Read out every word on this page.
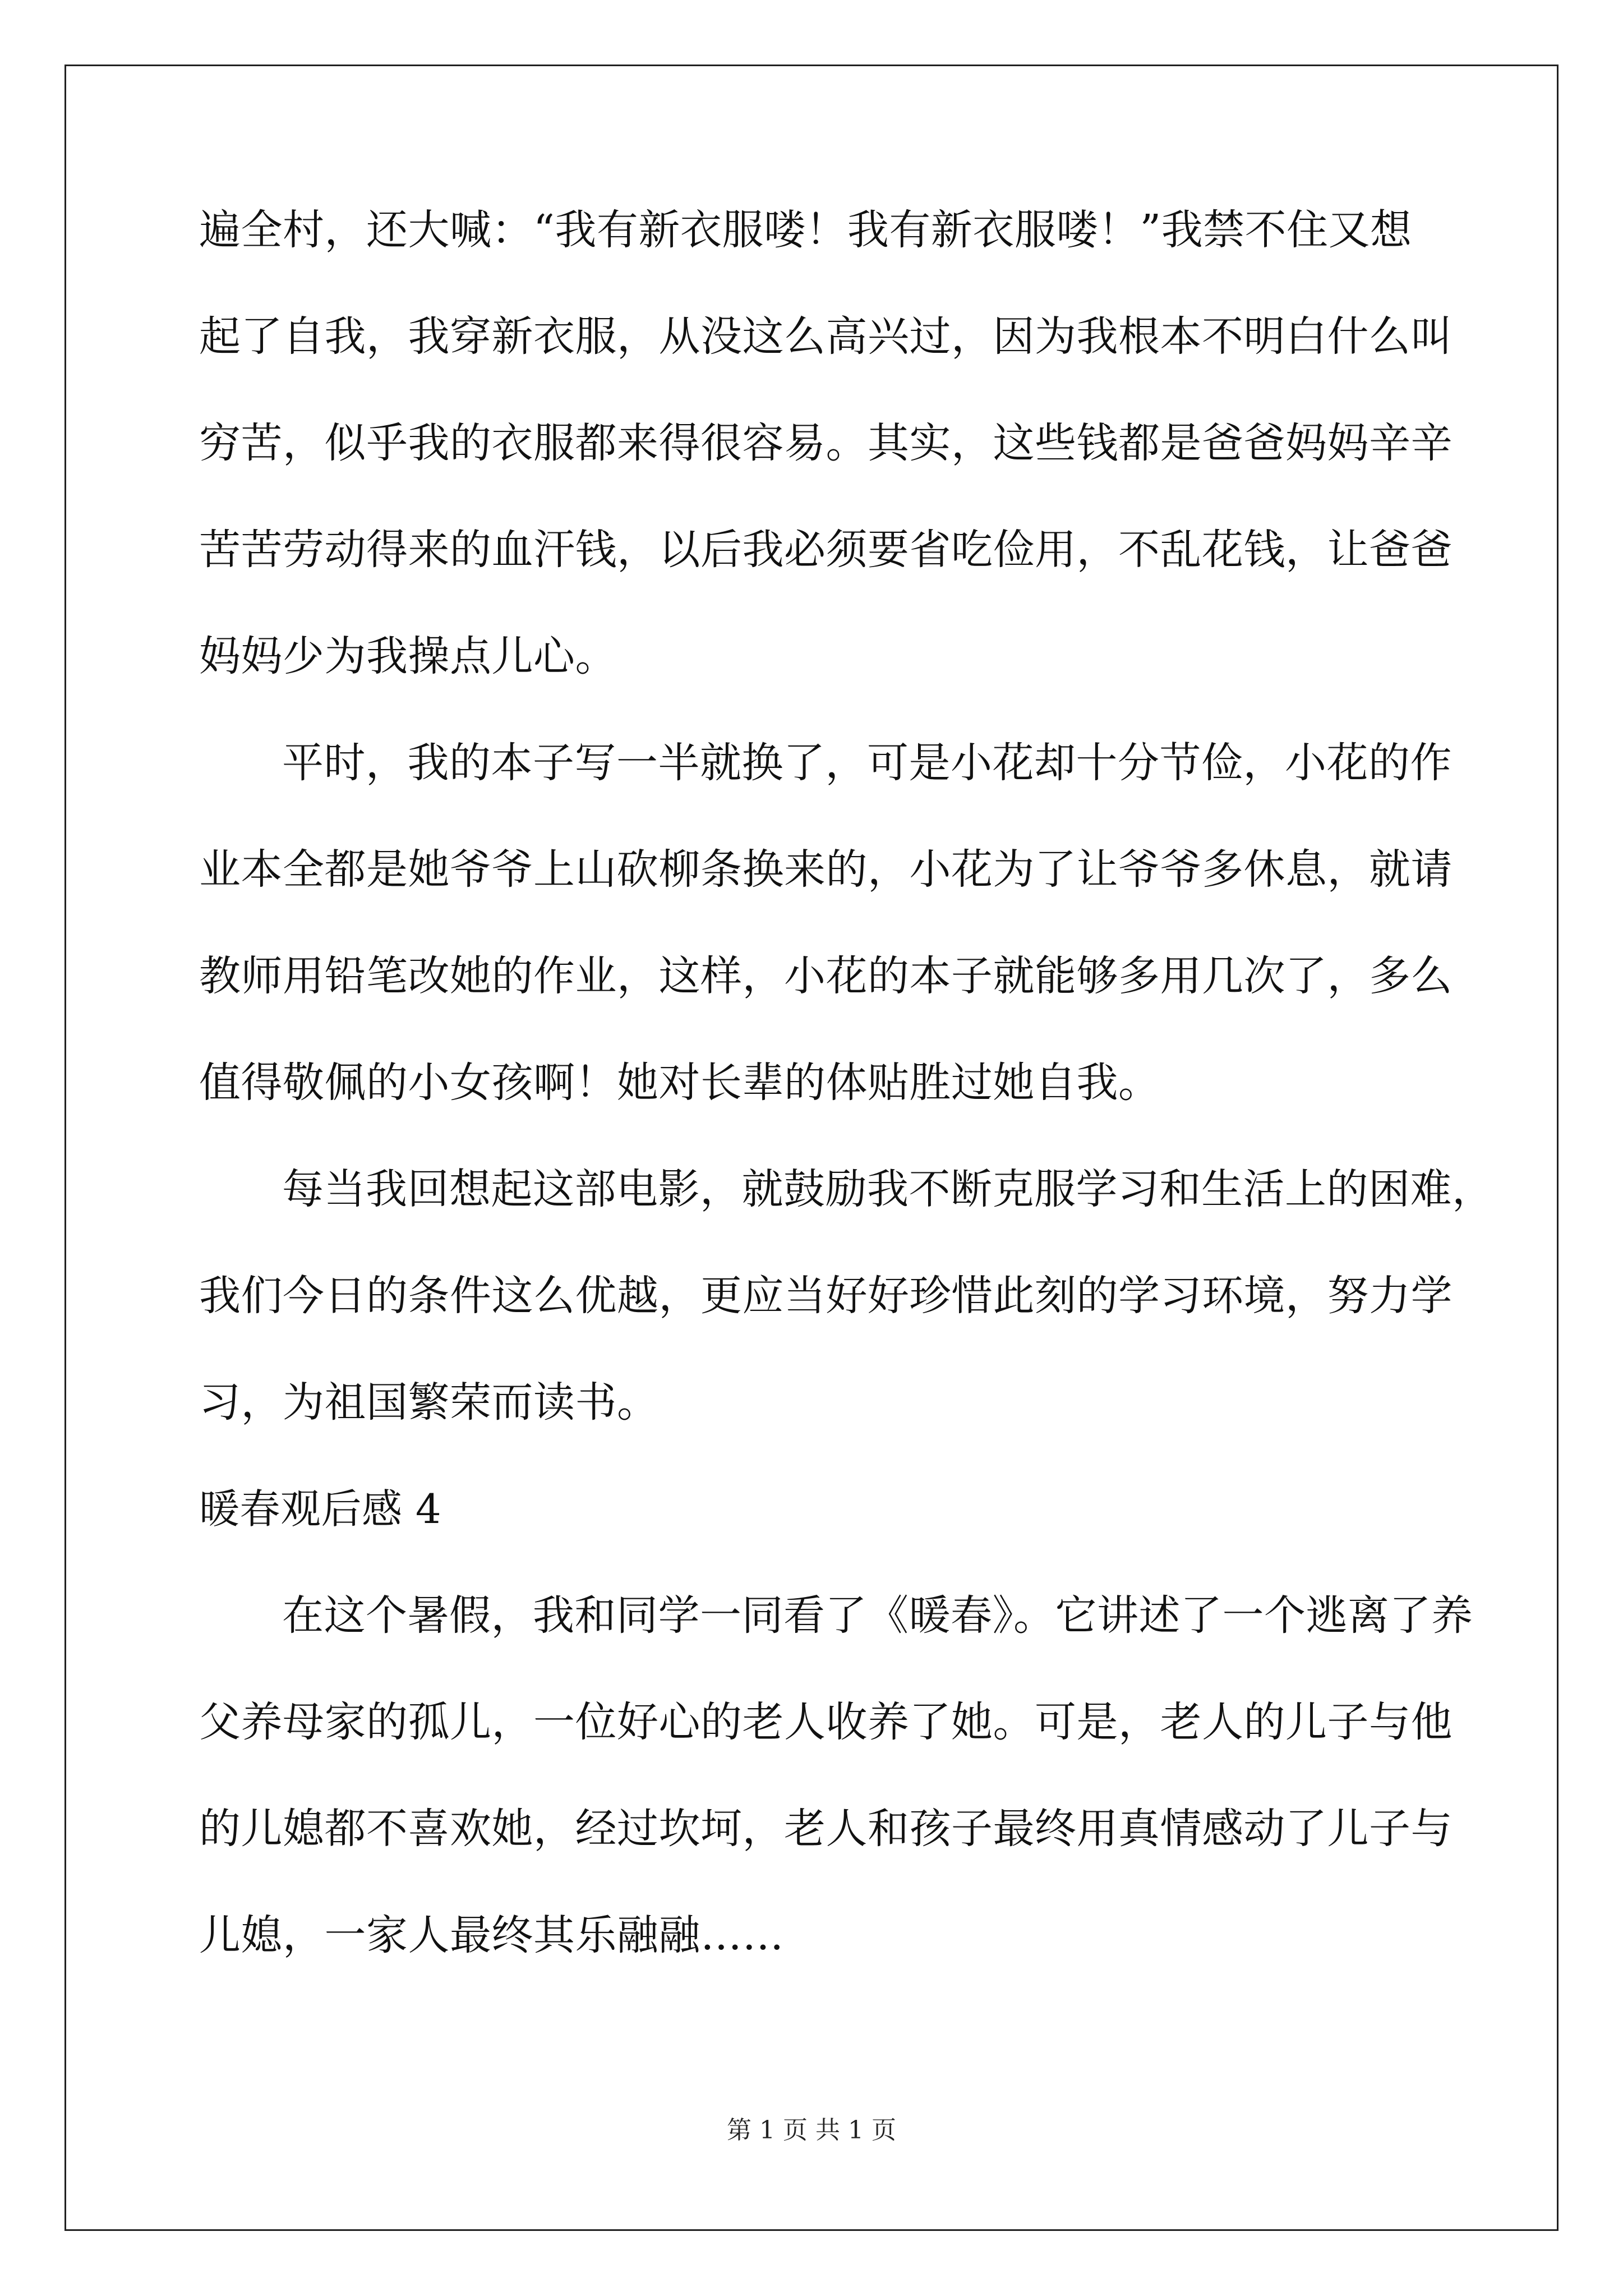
遍全村，还大喊：“我有新衣服喽！我有新衣服喽！”我禁不住又想
起了自我，我穿新衣服，从没这么高兴过，因为我根本不明白什么叫
穷苦，似乎我的衣服都来得很容易。其实，这些钱都是爸爸妈妈辛辛
苦苦劳动得来的血汗钱，以后我必须要省吃俭用，不乱花钱，让爸爸
妈妈少为我操点儿心。
平时，我的本子写一半就换了，可是小花却十分节俭，小花的作
业本全都是她爷爷上山砍柳条换来的，小花为了让爷爷多休息，就请
教师用铅笔改她的作业，这样，小花的本子就能够多用几次了，多么
值得敬佩的小女孩啊！她对长辈的体贴胜过她自我。
每当我回想起这部电影，就鼓励我不断克服学习和生活上的困难，
我们今日的条件这么优越，更应当好好珍惜此刻的学习环境，努力学
习，为祖国繁荣而读书。
暖春观后感 4
在这个暑假，我和同学一同看了《暖春》。它讲述了一个逃离了养
父养母家的孤儿，一位好心的老人收养了她。可是，老人的儿子与他
的儿媳都不喜欢她，经过坎坷，老人和孩子最终用真情感动了儿子与
儿媳，一家人最终其乐融融……
第 1 页 共 1 页
